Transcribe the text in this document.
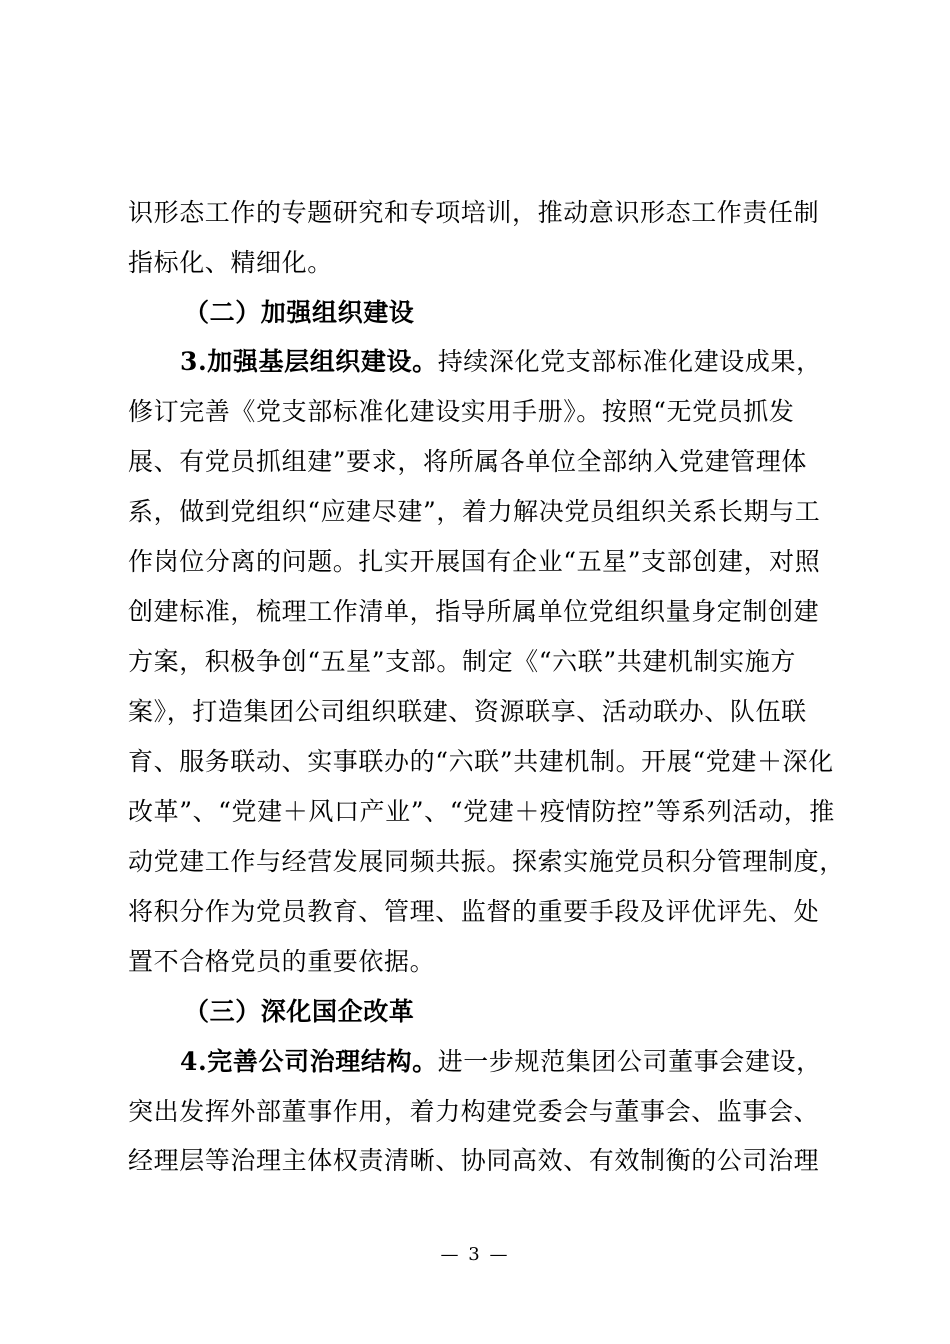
识形态工作的专题研究和专项培训，推动意识形态工作责任制
指标化、精细化。
（二）加强组织建设
3.加强基层组织建设。持续深化党支部标准化建设成果，
修订完善《党支部标准化建设实用手册》。按照“无党员抓发
展、有党员抓组建”要求，将所属各单位全部纳入党建管理体
系，做到党组织“应建尽建”，着力解决党员组织关系长期与工
作岗位分离的问题。扎实开展国有企业“五星”支部创建，对照
创建标准，梳理工作清单，指导所属单位党组织量身定制创建
方案，积极争创“五星”支部。制定《“六联”共建机制实施方
案》，打造集团公司组织联建、资源联享、活动联办、队伍联
育、服务联动、实事联办的“六联”共建机制。开展“党建＋深化
改革”、“党建＋风口产业”、“党建＋疫情防控”等系列活动，推
动党建工作与经营发展同频共振。探索实施党员积分管理制度，
将积分作为党员教育、管理、监督的重要手段及评优评先、处
置不合格党员的重要依据。
（三）深化国企改革
4.完善公司治理结构。进一步规范集团公司董事会建设，
突出发挥外部董事作用，着力构建党委会与董事会、监事会、
经理层等治理主体权责清晰、协同高效、有效制衡的公司治理
— 3 —
